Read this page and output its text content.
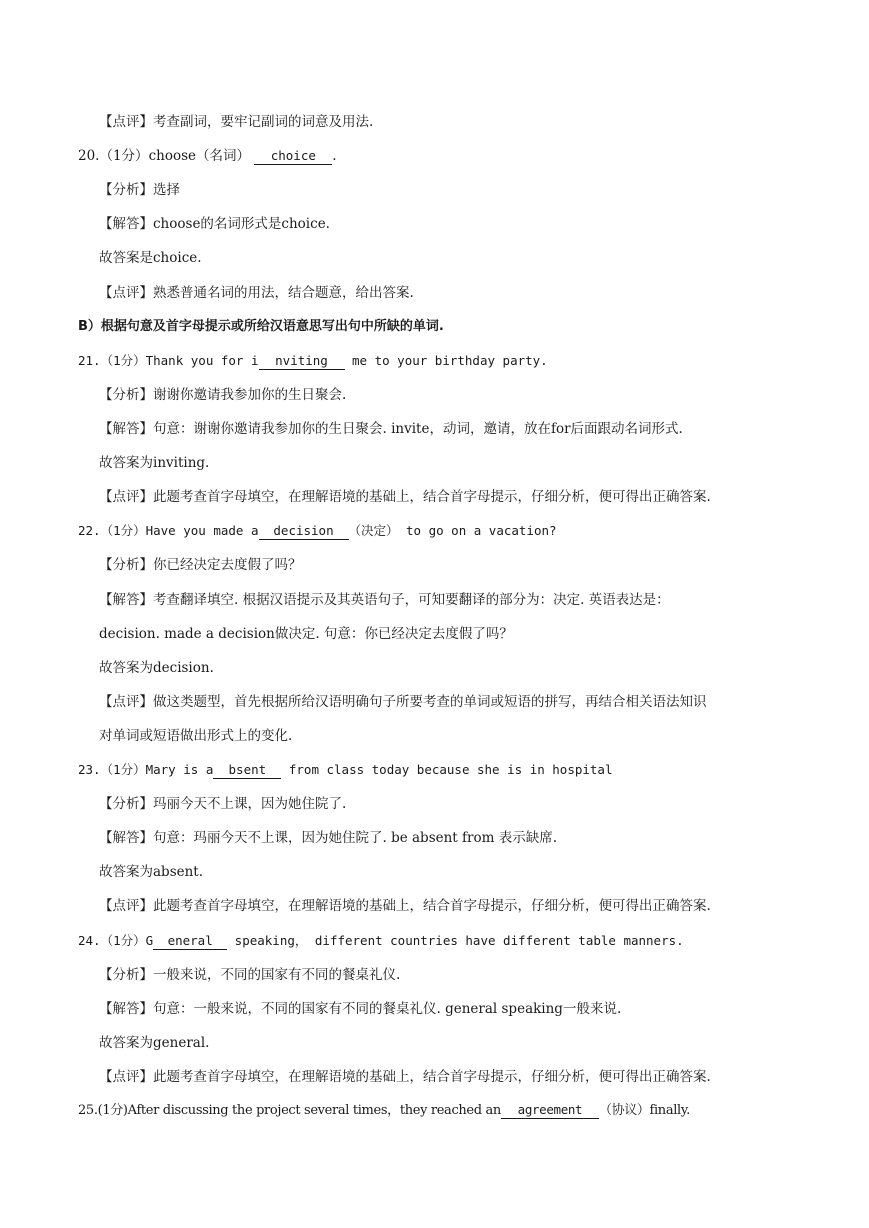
【点评】考查副词，要牢记副词的词意及用法.
20.（1分）choose（名词） choice .
【分析】选择
【解答】choose的名词形式是choice.
故答案是choice.
【点评】熟悉普通名词的用法，结合题意，给出答案.
B）根据句意及首字母提示或所给汉语意思写出句中所缺的单词.
21.（1分）Thank you for i nviting me to your birthday party.
【分析】谢谢你邀请我参加你的生日聚会.
【解答】句意：谢谢你邀请我参加你的生日聚会. invite，动词，邀请，放在for后面跟动名词形式.
故答案为inviting.
【点评】此题考查首字母填空，在理解语境的基础上，结合首字母提示，仔细分析，便可得出正确答案.
22.（1分）Have you made a decision （决定） to go on a vacation?
【分析】你已经决定去度假了吗？
【解答】考查翻译填空. 根据汉语提示及其英语句子，可知要翻译的部分为：决定. 英语表达是：
decision. made a decision做决定. 句意：你已经决定去度假了吗？
故答案为decision.
【点评】做这类题型，首先根据所给汉语明确句子所要考查的单词或短语的拼写，再结合相关语法知识
对单词或短语做出形式上的变化.
23.（1分）Mary is a bsent from class today because she is in hospital
【分析】玛丽今天不上课，因为她住院了.
【解答】句意：玛丽今天不上课，因为她住院了. be absent from 表示缺席.
故答案为absent.
【点评】此题考查首字母填空，在理解语境的基础上，结合首字母提示，仔细分析，便可得出正确答案.
24.（1分）G eneral speaking， different countries have different table manners.
【分析】一般来说，不同的国家有不同的餐桌礼仪.
【解答】句意：一般来说，不同的国家有不同的餐桌礼仪. general speaking一般来说.
故答案为general.
【点评】此题考查首字母填空，在理解语境的基础上，结合首字母提示，仔细分析，便可得出正确答案.
25.(1分)After discussing the project several times，they reached an agreement （协议）finally.
